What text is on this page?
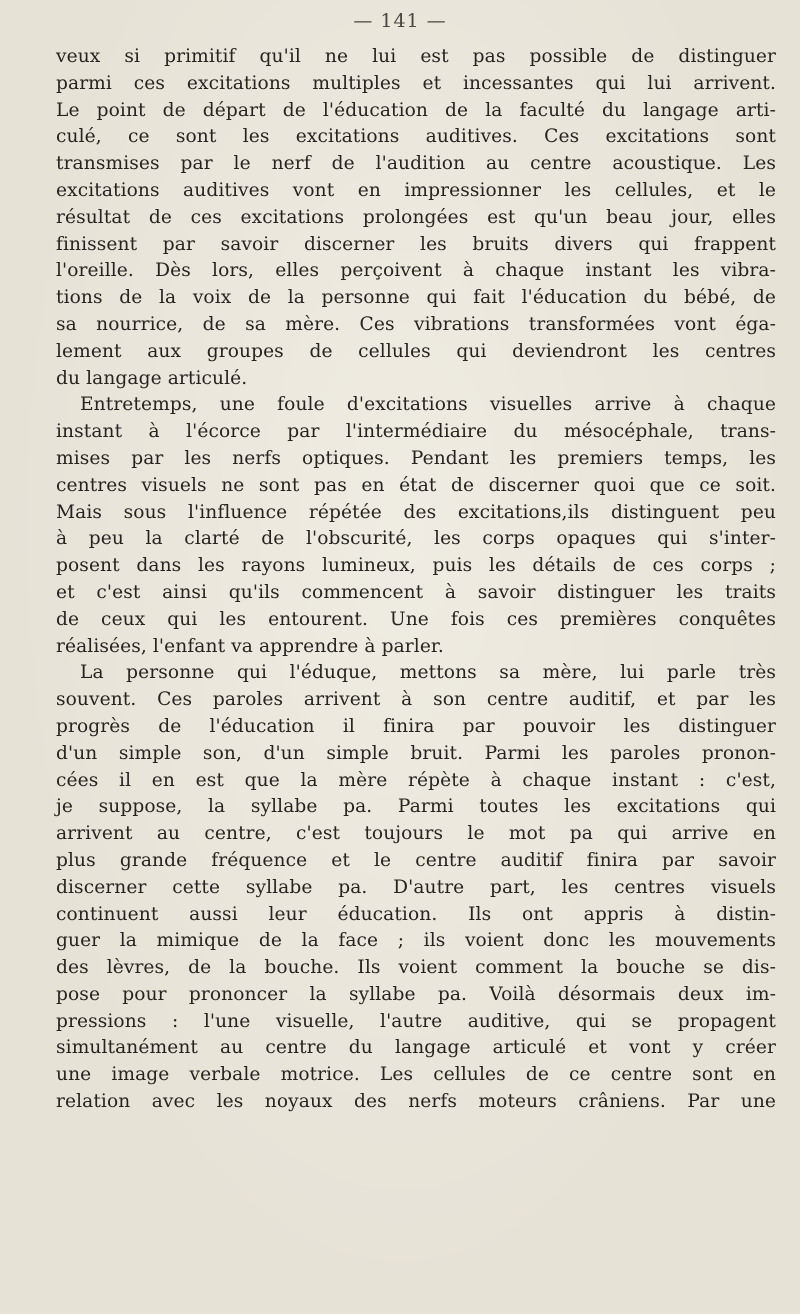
— 141 —
veux si primitif qu'il ne lui est pas possible de distinguer
parmi ces excitations multiples et incessantes qui lui arrivent.
Le point de départ de l'éducation de la faculté du langage arti-
culé, ce sont les excitations auditives. Ces excitations sont
transmises par le nerf de l'audition au centre acoustique. Les
excitations auditives vont en impressionner les cellules, et le
résultat de ces excitations prolongées est qu'un beau jour, elles
finissent par savoir discerner les bruits divers qui frappent
l'oreille. Dès lors, elles perçoivent à chaque instant les vibra-
tions de la voix de la personne qui fait l'éducation du bébé, de
sa nourrice, de sa mère. Ces vibrations transformées vont éga-
lement aux groupes de cellules qui deviendront les centres
du langage articulé.
Entretemps, une foule d'excitations visuelles arrive à chaque
instant à l'écorce par l'intermédiaire du mésocéphale, trans-
mises par les nerfs optiques. Pendant les premiers temps, les
centres visuels ne sont pas en état de discerner quoi que ce soit.
Mais sous l'influence répétée des excitations,ils distinguent peu
à peu la clarté de l'obscurité, les corps opaques qui s'inter-
posent dans les rayons lumineux, puis les détails de ces corps ;
et c'est ainsi qu'ils commencent à savoir distinguer les traits
de ceux qui les entourent. Une fois ces premières conquêtes
réalisées, l'enfant va apprendre à parler.
La personne qui l'éduque, mettons sa mère, lui parle très
souvent. Ces paroles arrivent à son centre auditif, et par les
progrès de l'éducation il finira par pouvoir les distinguer
d'un simple son, d'un simple bruit. Parmi les paroles pronon-
cées il en est que la mère répète à chaque instant : c'est,
je suppose, la syllabe pa. Parmi toutes les excitations qui
arrivent au centre, c'est toujours le mot pa qui arrive en
plus grande fréquence et le centre auditif finira par savoir
discerner cette syllabe pa. D'autre part, les centres visuels
continuent aussi leur éducation. Ils ont appris à distin-
guer la mimique de la face ; ils voient donc les mouvements
des lèvres, de la bouche. Ils voient comment la bouche se dis-
pose pour prononcer la syllabe pa. Voilà désormais deux im-
pressions : l'une visuelle, l'autre auditive, qui se propagent
simultanément au centre du langage articulé et vont y créer
une image verbale motrice. Les cellules de ce centre sont en
relation avec les noyaux des nerfs moteurs crâniens. Par une
